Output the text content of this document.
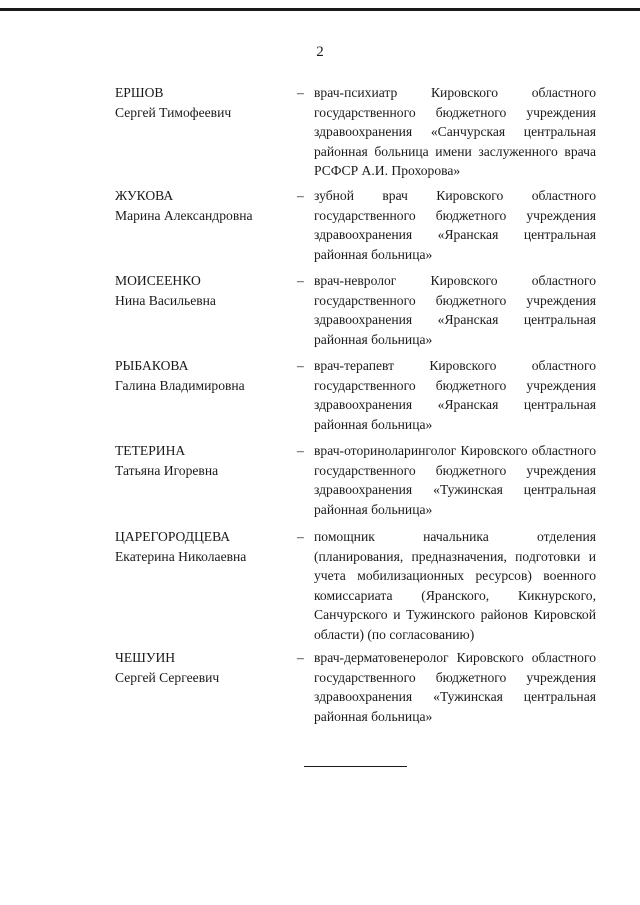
2
ЕРШОВ
Сергей Тимофеевич
– врач-психиатр Кировского областного государственного бюджетного учреждения здравоохранения «Санчурская центральная районная больница имени заслуженного врача РСФСР А.И. Прохорова»
ЖУКОВА
Марина Александровна
– зубной врач Кировского областного государственного бюджетного учреждения здравоохранения «Яранская центральная районная больница»
МОИСЕЕНКО
Нина Васильевна
– врач-невролог Кировского областного государственного бюджетного учреждения здравоохранения «Яранская центральная районная больница»
РЫБАКОВА
Галина Владимировна
– врач-терапевт Кировского областного государственного бюджетного учреждения здравоохранения «Яранская центральная районная больница»
ТЕТЕРИНА
Татьяна Игоревна
– врач-оториноларинголог Кировского областного государственного бюджетного учреждения здравоохранения «Тужинская центральная районная больница»
ЦАРЕГОРОДЦЕВА
Екатерина Николаевна
– помощник начальника отделения (планирования, предназначения, подготовки и учета мобилизационных ресурсов) военного комиссариата (Яранского, Кикнурского, Санчурского и Тужинского районов Кировской области) (по согласованию)
ЧЕШУИН
Сергей Сергеевич
– врач-дерматовенеролог Кировского областного государственного бюджетного учреждения здравоохранения «Тужинская центральная районная больница»
